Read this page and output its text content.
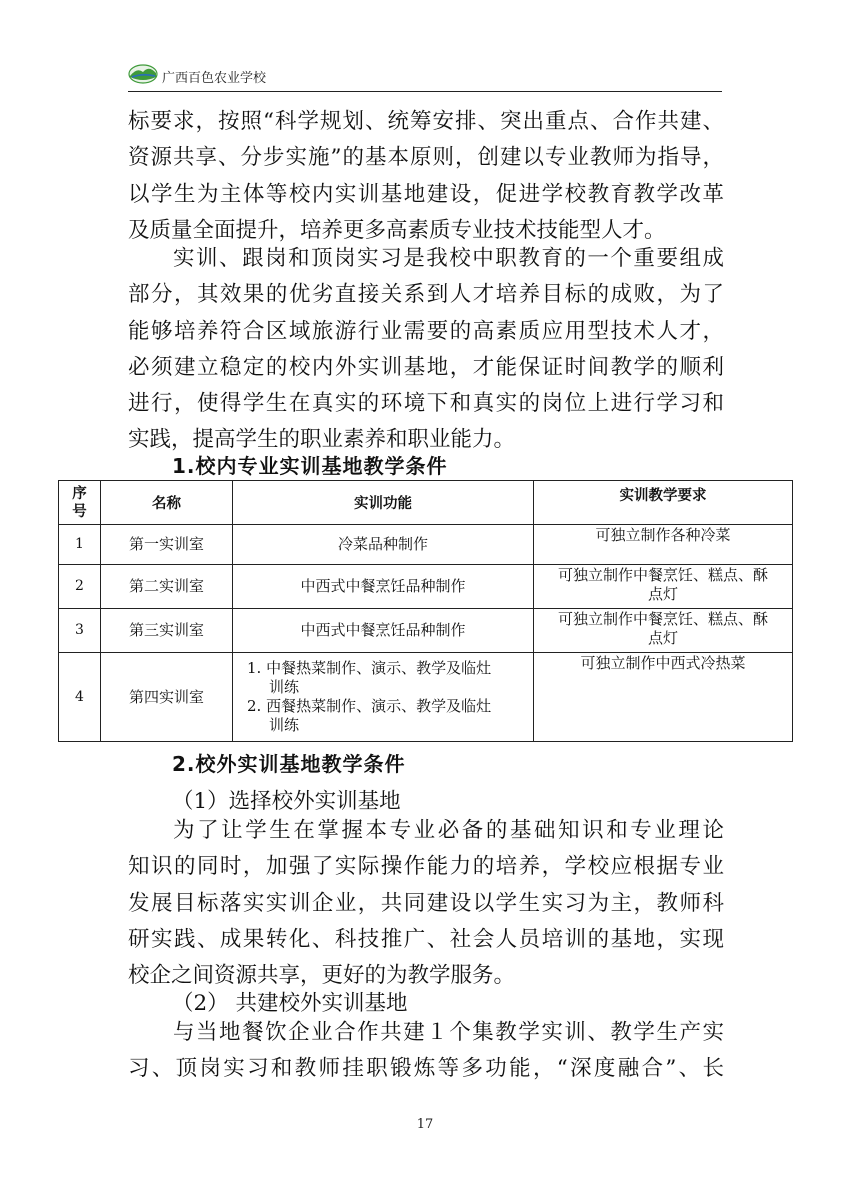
广西百色农业学校
标要求，按照“科学规划、统筹安排、突出重点、合作共建、
资源共享、分步实施”的基本原则，创建以专业教师为指导，
以学生为主体等校内实训基地建设，促进学校教育教学改革
及质量全面提升，培养更多高素质专业技术技能型人才。
实训、跟岗和顶岗实习是我校中职教育的一个重要组成
部分，其效果的优劣直接关系到人才培养目标的成败，为了
能够培养符合区域旅游行业需要的高素质应用型技术人才，
必须建立稳定的校内外实训基地，才能保证时间教学的顺利
进行，使得学生在真实的环境下和真实的岗位上进行学习和
实践，提高学生的职业素养和职业能力。
1.校内专业实训基地教学条件
序
号	名称	实训功能	实训教学要求
1	第一实训室	冷菜品种制作	可独立制作各种冷菜

2	第二实训室	中西式中餐烹饪品种制作	可独立制作中餐烹饪、糕点、酥
点灯

3	第三实训室	中西式中餐烹饪品种制作	可独立制作中餐烹饪、糕点、酥
点灯

4	第四实训室	1. 中餐热菜制作、演示、教学及临灶
训练
2. 西餐热菜制作、演示、教学及临灶
训练	可独立制作中西式冷热菜
2.校外实训基地教学条件

（1）选择校外实训基地

为了让学生在掌握本专业必备的基础知识和专业理论
知识的同时，加强了实际操作能力的培养，学校应根据专业
发展目标落实实训企业，共同建设以学生实习为主，教师科
研实践、成果转化、科技推广、社会人员培训的基地，实现
校企之间资源共享，更好的为教学服务。

（2） 共建校外实训基地

与当地餐饮企业合作共建１个集教学实训、教学生产实
习、顶岗实习和教师挂职锻炼等多功能，“深度融合”、长
17
